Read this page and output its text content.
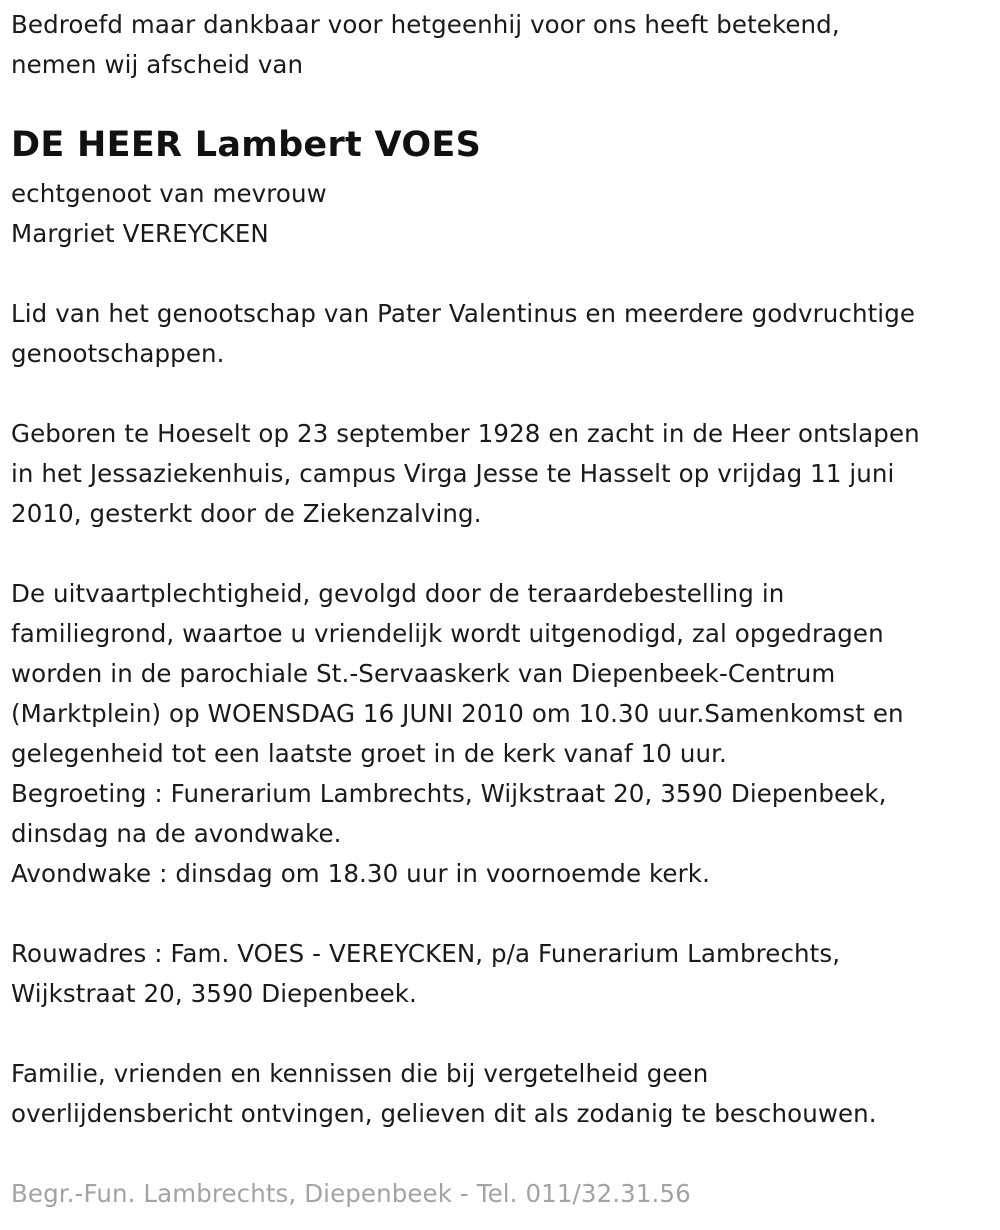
Bedroefd maar dankbaar voor hetgeenhij voor ons heeft betekend,
nemen wij afscheid van

DE HEER Lambert VOES

echtgenoot van mevrouw
Margriet VEREYCKEN

Lid van het genootschap van Pater Valentinus en meerdere godvruchtige
genootschappen.

Geboren te Hoeselt op 23 september 1928 en zacht in de Heer ontslapen
in het Jessaziekenhuis, campus Virga Jesse te Hasselt op vrijdag 11 juni
2010, gesterkt door de Ziekenzalving.

De uitvaartplechtigheid, gevolgd door de teraardebestelling in
familiegrond, waartoe u vriendelijk wordt uitgenodigd, zal opgedragen
worden in de parochiale St.-Servaaskerk van Diepenbeek-Centrum
(Marktplein) op WOENSDAG 16 JUNI 2010 om 10.30 uur.Samenkomst en
gelegenheid tot een laatste groet in de kerk vanaf 10 uur.
Begroeting : Funerarium Lambrechts, Wijkstraat 20, 3590 Diepenbeek,
dinsdag na de avondwake.
Avondwake : dinsdag om 18.30 uur in voornoemde kerk.

Rouwadres : Fam. VOES - VEREYCKEN, p/a Funerarium Lambrechts,
Wijkstraat 20, 3590 Diepenbeek.

Familie, vrienden en kennissen die bij vergetelheid geen
overlijdensbericht ontvingen, gelieven dit als zodanig te beschouwen.

Begr.-Fun. Lambrechts, Diepenbeek - Tel. 011/32.31.56
